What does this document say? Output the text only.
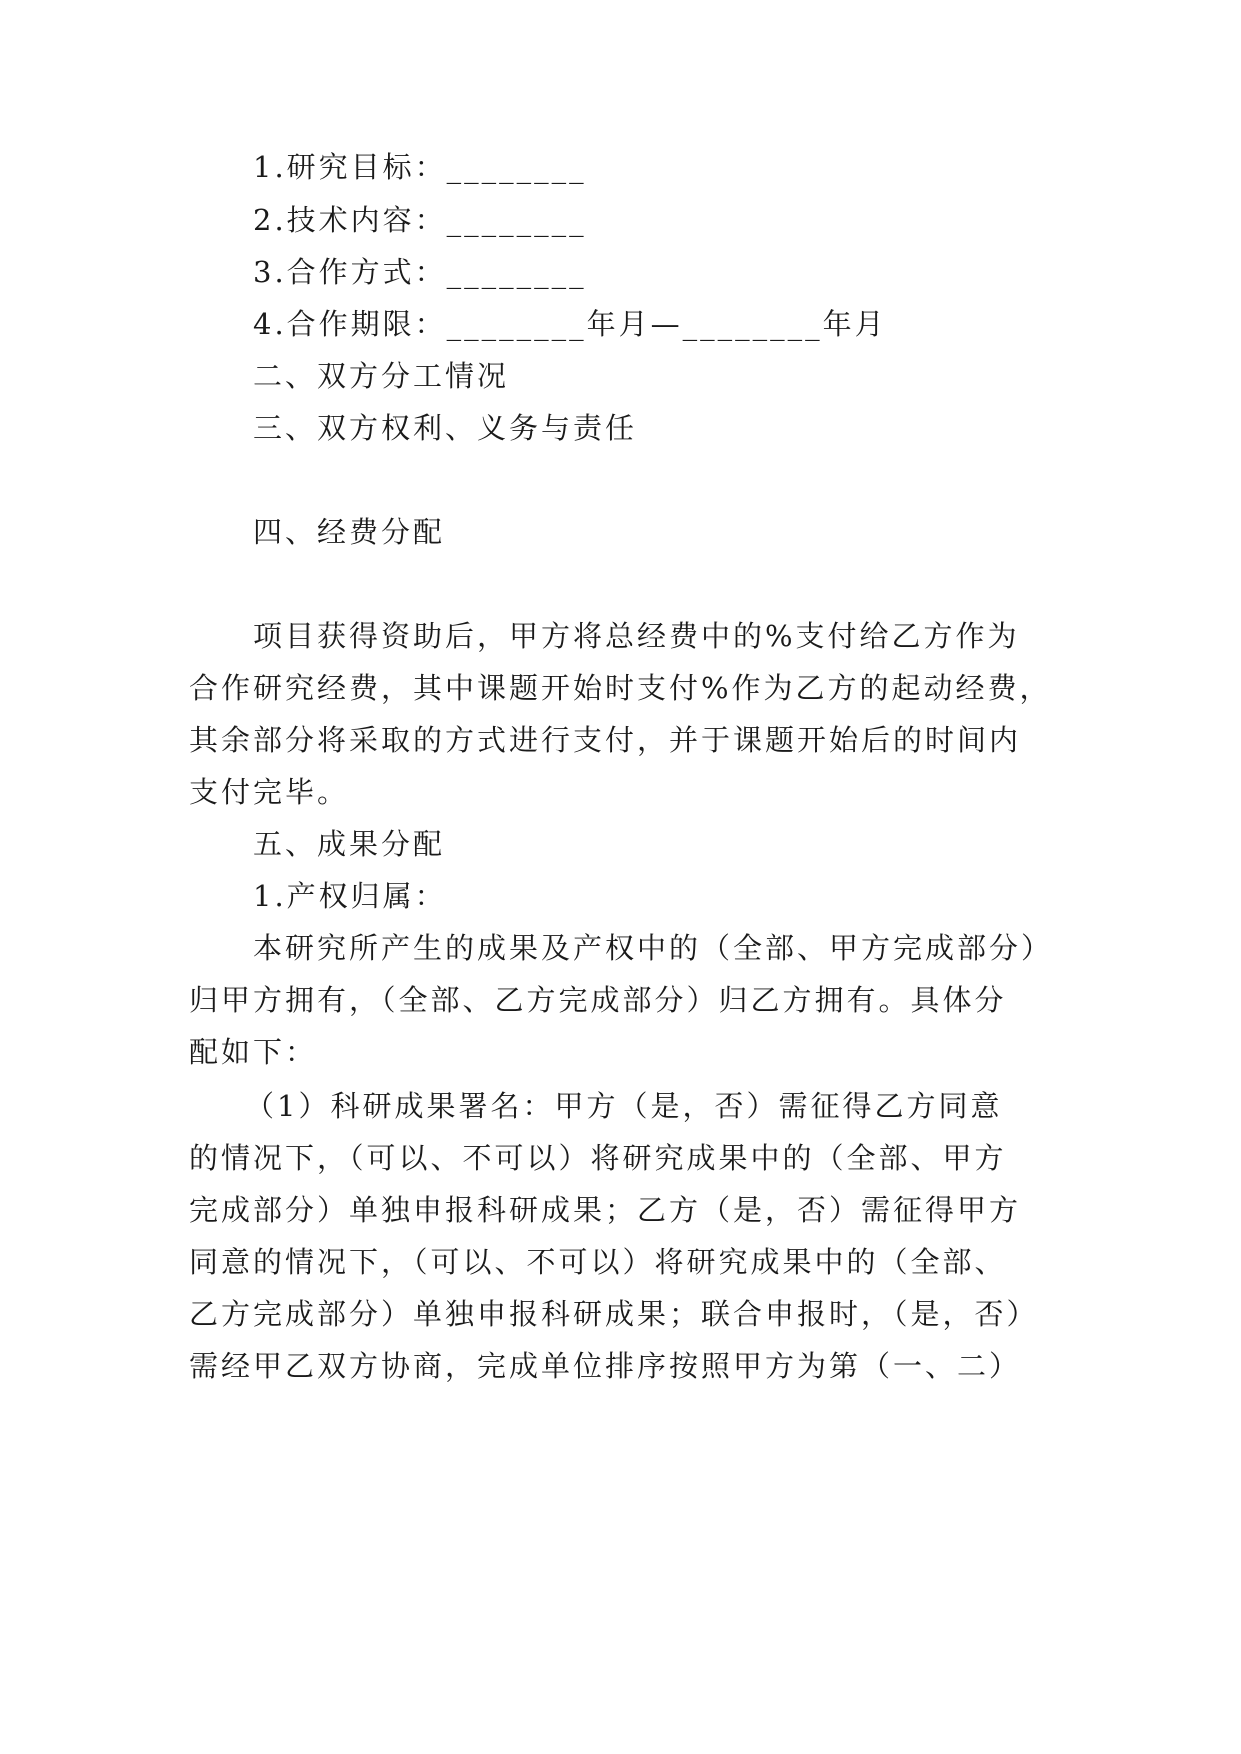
1.研究目标：________
2.技术内容：________
3.合作方式：________
4.合作期限：________年月—________年月
二、双方分工情况
三、双方权利、义务与责任
四、经费分配
项目获得资助后，甲方将总经费中的%支付给乙方作为
合作研究经费，其中课题开始时支付%作为乙方的起动经费，
其余部分将采取的方式进行支付，并于课题开始后的时间内
支付完毕。
五、成果分配
1.产权归属：
本研究所产生的成果及产权中的（全部、甲方完成部分）
归甲方拥有，（全部、乙方完成部分）归乙方拥有。具体分
配如下：
（1）科研成果署名：甲方（是，否）需征得乙方同意
的情况下，（可以、不可以）将研究成果中的（全部、甲方
完成部分）单独申报科研成果；乙方（是，否）需征得甲方
同意的情况下，（可以、不可以）将研究成果中的（全部、
乙方完成部分）单独申报科研成果；联合申报时，（是，否）
需经甲乙双方协商，完成单位排序按照甲方为第（一、二）
